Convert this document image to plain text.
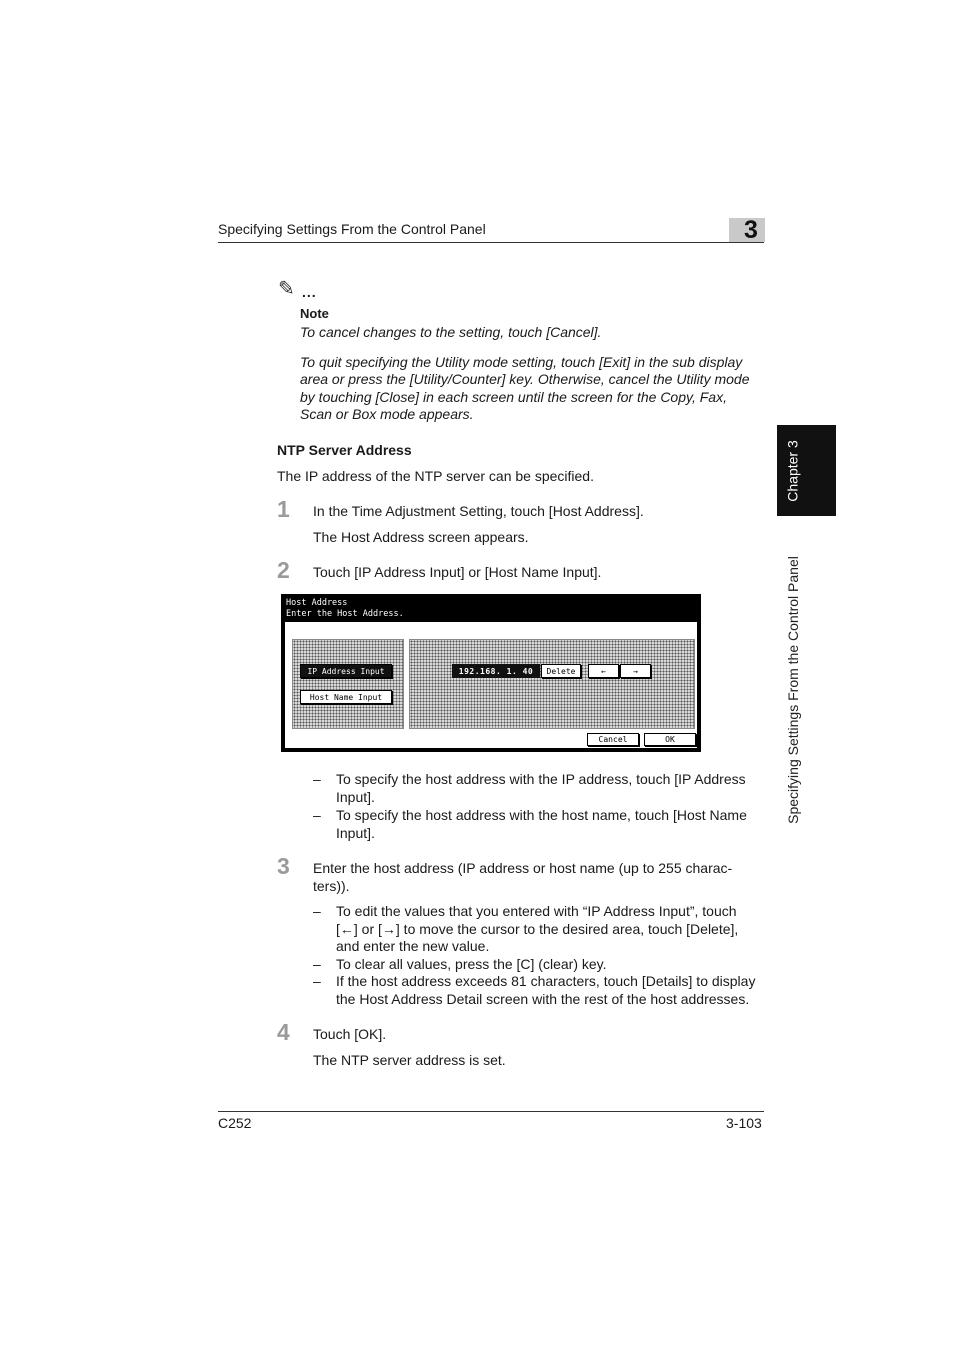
Specifying Settings From the Control Panel	3
Chapter 3
Specifying Settings From the Control Panel
✎ ...
Note
To cancel changes to the setting, touch [Cancel].
To quit specifying the Utility mode setting, touch [Exit] in the sub display
area or press the [Utility/Counter] key. Otherwise, cancel the Utility mode
by touching [Close] in each screen until the screen for the Copy, Fax,
Scan or Box mode appears.
NTP Server Address
The IP address of the NTP server can be specified.
1 In the Time Adjustment Setting, touch [Host Address].
The Host Address screen appears.
2 Touch [IP Address Input] or [Host Name Input].
Host Address
Enter the Host Address.
IP Address Input
Host Name Input
192.168. 1. 40	Delete	←	→
Cancel	OK
– To specify the host address with the IP address, touch [IP Address
Input].
– To specify the host address with the host name, touch [Host Name
Input].
3 Enter the host address (IP address or host name (up to 255 charac-
ters)).
– To edit the values that you entered with “IP Address Input”, touch
[←] or [→] to move the cursor to the desired area, touch [Delete],
and enter the new value.
– To clear all values, press the [C] (clear) key.
– If the host address exceeds 81 characters, touch [Details] to display
the Host Address Detail screen with the rest of the host addresses.
4 Touch [OK].
The NTP server address is set.
C252	3-103
